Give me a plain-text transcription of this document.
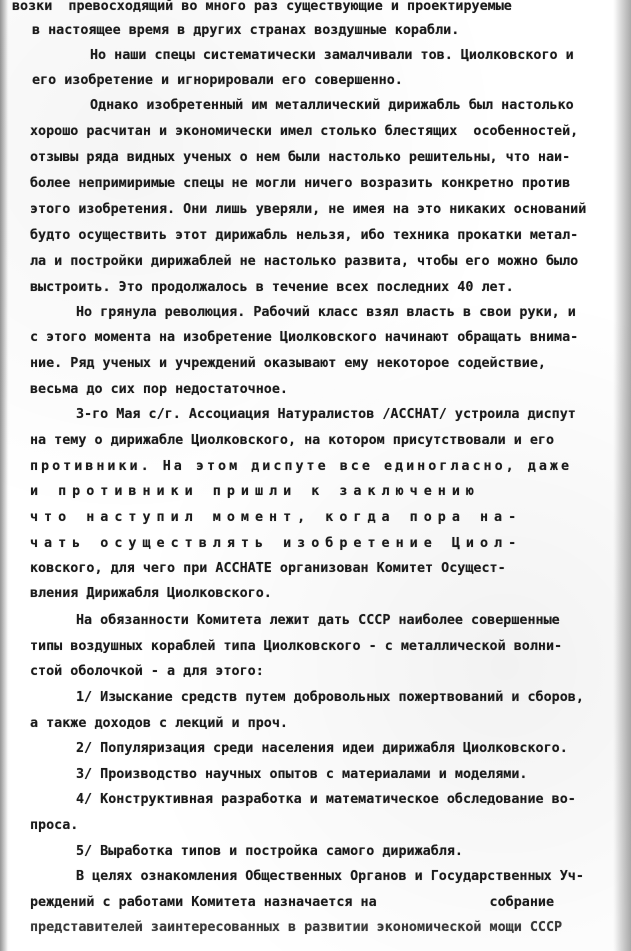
возки  превосходящий во много раз существующие и проектируемые
в настоящее время в других странах воздушные корабли.
Но наши спецы систематически замалчивали тов. Циолковского и
его изобретение и игнорировали его совершенно.
Однако изобретенный им металлический дирижабль был настолько
хорошо расчитан и экономически имел столько блестящих  особенностей,
отзывы ряда видных ученых о нем были настолько решительны, что наи-
более непримиримые спецы не могли ничего возразить конкретно против
этого изобретения. Они лишь уверяли, не имея на это никаких оснований
будто осуществить этот дирижабль нельзя, ибо техника прокатки метал-
ла и постройки дирижаблей не настолько развита, чтобы его можно было
выстроить. Это продолжалось в течение всех последних 40 лет.
Но грянула революция. Рабочий класс взял власть в свои руки, и
с этого момента на изобретение Циолковского начинают обращать внима-
ние. Ряд ученых и учреждений оказывают ему некоторое содействие,
весьма до сих пор недостаточное.
3-го Мая с/г. Ассоциация Натуралистов /АССНАТ/ устроила диспут
на тему о дирижабле Циолковского, на котором присутствовали и его
противники. На этом диспуте все единогласно, даже
и противники пришли к заключению
что наступил момент, когда пора на-
чать осуществлять изобретение Циол-
ковского, для чего при АССНАТЕ организован Комитет Осущест-
вления Дирижабля Циолковского.
На обязанности Комитета лежит дать СССР наиболее совершенные
типы воздушных кораблей типа Циолковского - с металлической волни-
стой оболочкой - а для этого:
1/ Изыскание средств путем добровольных пожертвований и сборов,
а также доходов с лекций и проч.
2/ Популяризация среди населения идеи дирижабля Циолковского.
3/ Производство научных опытов с материалами и моделями.
4/ Конструктивная разработка и математическое обследование во-
проса.
5/ Выработка типов и постройка самого дирижабля.
В целях ознакомления Общественных Органов и Государственных Уч-
реждений с работами Комитета назначается на              собрание
представителей заинтересованных в развитии экономической мощи СССР
